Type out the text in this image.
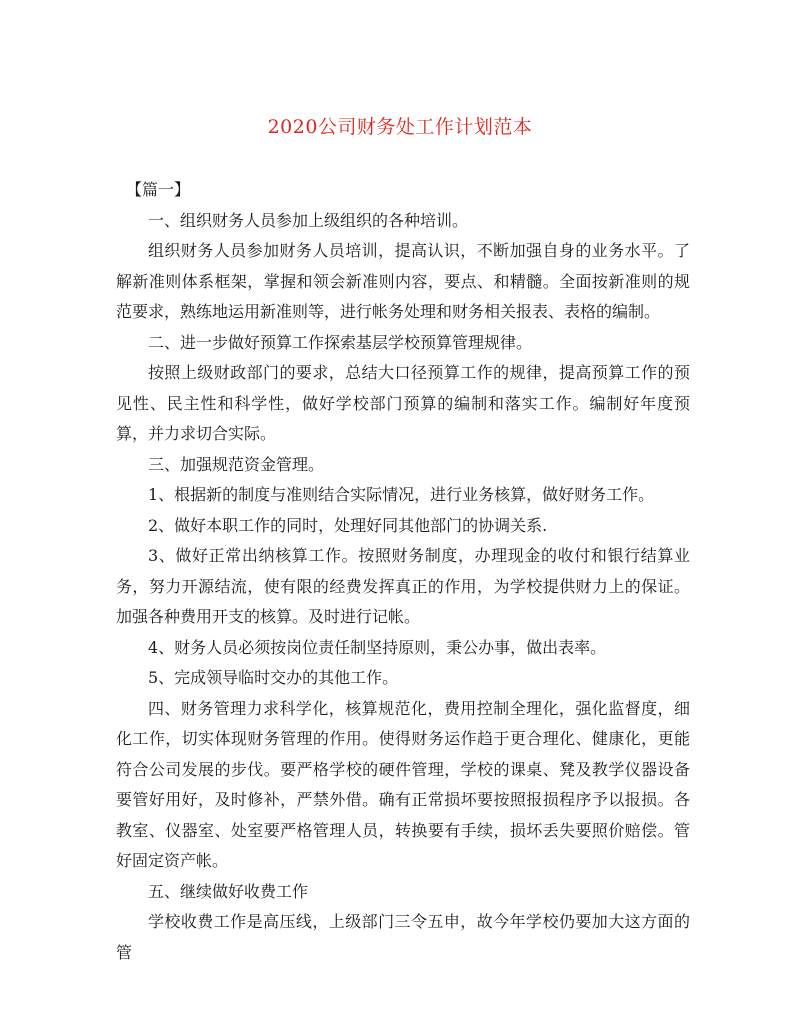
2020公司财务处工作计划范本

【篇一】

一、组织财务人员参加上级组织的各种培训。

组织财务人员参加财务人员培训，提高认识，不断加强自身的业务水平。了解新准则体系框架，掌握和领会新准则内容，要点、和精髓。全面按新准则的规范要求，熟练地运用新准则等，进行帐务处理和财务相关报表、表格的编制。

二、进一步做好预算工作探索基层学校预算管理规律。

按照上级财政部门的要求，总结大口径预算工作的规律，提高预算工作的预见性、民主性和科学性，做好学校部门预算的编制和落实工作。编制好年度预算，并力求切合实际。

三、加强规范资金管理。

1、根据新的制度与准则结合实际情况，进行业务核算，做好财务工作。

2、做好本职工作的同时，处理好同其他部门的协调关系.

3、做好正常出纳核算工作。按照财务制度，办理现金的收付和银行结算业务，努力开源结流，使有限的经费发挥真正的作用，为学校提供财力上的保证。加强各种费用开支的核算。及时进行记帐。

4、财务人员必须按岗位责任制坚持原则，秉公办事，做出表率。

5、完成领导临时交办的其他工作。

四、财务管理力求科学化，核算规范化，费用控制全理化，强化监督度，细化工作，切实体现财务管理的作用。使得财务运作趋于更合理化、健康化，更能符合公司发展的步伐。要严格学校的硬件管理，学校的课桌、凳及教学仪器设备要管好用好，及时修补，严禁外借。确有正常损坏要按照报损程序予以报损。各教室、仪器室、处室要严格管理人员，转换要有手续，损坏丢失要照价赔偿。管好固定资产帐。

五、继续做好收费工作

学校收费工作是高压线，上级部门三令五申，故今年学校仍要加大这方面的管
